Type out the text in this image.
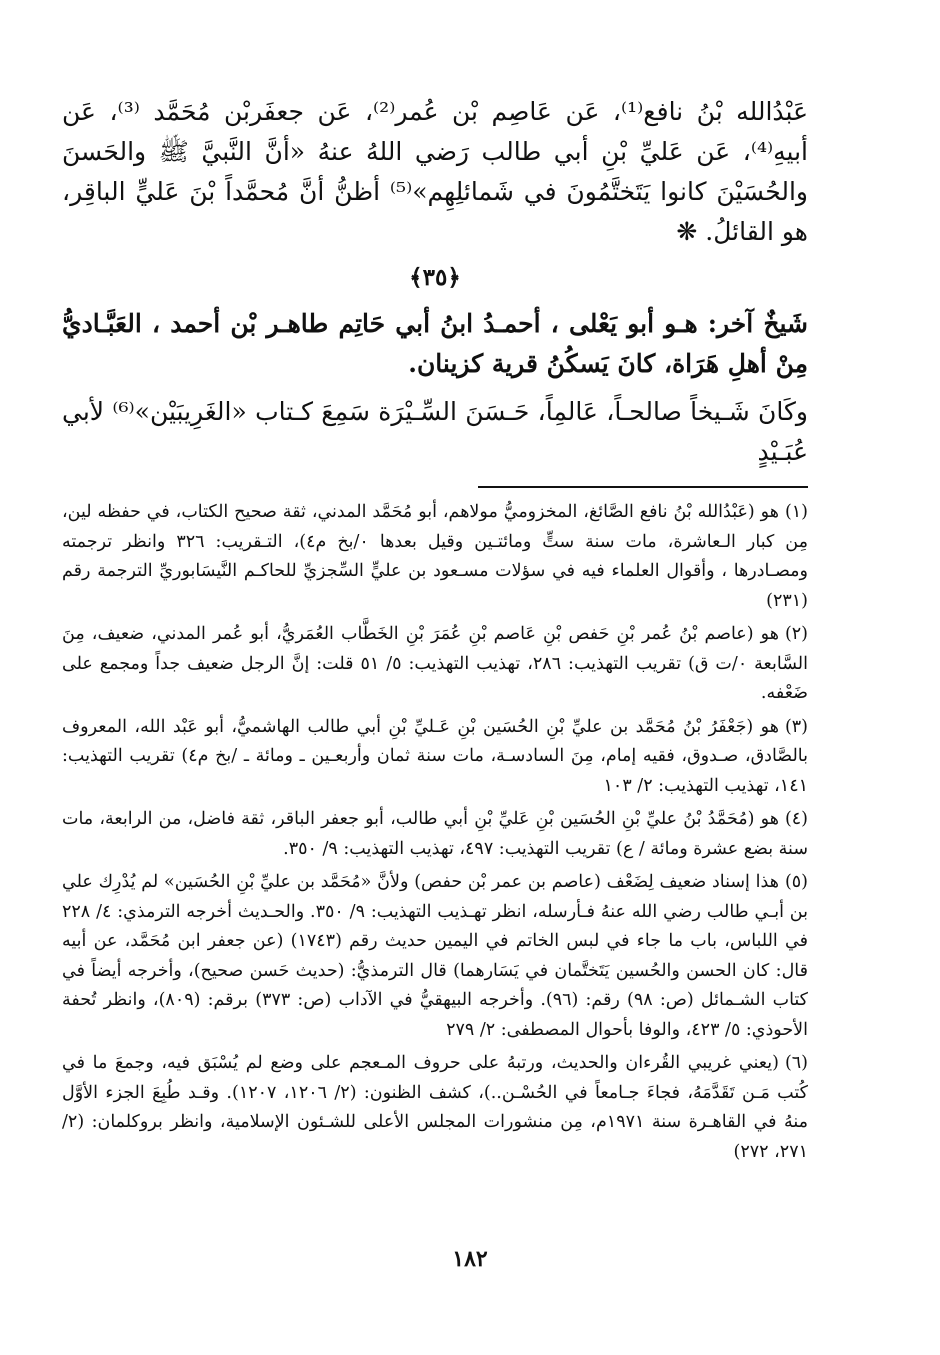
عَبْدُالله بْنُ نافع⁽¹⁾، عَن عَاصِم بْن عُمر⁽²⁾، عَن جعفَربْن مُحَمَّد ⁽³⁾، عَن أبيهِ⁽⁴⁾، عَن عَليِّ بْنِ أبي طالب رَضي اللهُ عنهُ «أنَّ النَّبيَّ ﷺ والحَسنَ والحُسَيْنَ كانوا يَتَختَّمُونَ في شَمائلِهِم»⁽⁵⁾ أظنُّ أنَّ مُحمَّداً بْنَ عَليٍّ الباقِر، هو القائلُ. ❋

﴿٣٥﴾

شَيخٌ آخر: هـو أبو يَعْلى ، أحمـدُ ابنُ أبي حَاتِم طاهـر بْن أحمد ، العَبَّـاديُّ مِنْ أهلِ هَرَاة، كانَ يَسكُنُ قرية كزينان.

وكَانَ شَـيخاً صالحـاً، عَالمِاً، حَـسَنَ السِّـيْرَة سَمِعَ كـتاب «الغَرِيبَيْن»⁽⁶⁾ لأبي عُبَـيْدٍ

(١)هو (عَبْدُالله بْنُ نافع الصَّائغ، المخزوميُّ مولاهم، أبو مُحَمَّد المدني، ثقة صحيح الكتاب، في حفظه لين، مِن كبار الـعاشرة، مات سنة ستٍّ ومائتـين وقيل بعدها ٠/بخ م٤)، التـقريب: ٣٢٦ وانظر ترجمته ومصـادرها ، وأقوال العلماء فيه في سؤلات مسـعود بن عليٍّ السِّجزيِّ للحاكـم النَّيسَابوريِّ الترجمة رقم (٢٣١)

(٢)هو (عاصم بْنُ عُمر بْنِ حَفص بْنِ عَاصم بْنِ عُمَرَ بْنِ الخَطَّاب العُمَريُّ، أبو عُمر المدني، ضعيف، مِنَ السَّابعة ٠/ت ق) تقريب التهذيب: ٢٨٦، تهذيب التهذيب: ٥/ ٥١ قلت: إنَّ الرجل ضعيف جداً ومجمع على ضَعْفه.

(٣)هو (جَعْفَرُ بْنُ مُحَمَّد بن عليِّ بْنِ الحُسَين بْنِ عَـليِّ بْنِ أبي طالب الهاشميُّ، أبو عَبْد الله، المعروف بالصَّادق، صـدوق، فقيه إمام، مِنَ السادسـة، مات سنة ثمان وأربعـين ـ ومائة ـ /بخ م٤) تقريب التهذيب: ١٤١، تهذيب التهذيب: ٢/ ١٠٣

(٤)هو (مُحَمَّدُ بْنُ عليِّ بْنِ الحُسَين بْنِ عَليِّ بْنِ أبي طالب، أبو جعفر الباقر، ثقة فاضل، من الرابعة، مات سنة بضع عشرة ومائة / ع) تقريب التهذيب: ٤٩٧، تهذيب التهذيب: ٩/ ٣٥٠.

(٥)هذا إسناد ضعيف لِضَعْف (عاصم بن عمر بْن حفص) ولأنَّ «مُحَمَّد بن عليِّ بْنِ الحُسَين» لم يُدْرِك علي بن أبـي طالب رضي الله عنهُ فـأرسله، انظر تهـذيب التهذيب: ٩/ ٣٥٠. والحـديث أخرجه الترمذي: ٤/ ٢٢٨ في اللباس، باب ما جاء في لبس الخاتم في اليمين حديث رقم (١٧٤٣) (عن جعفر ابن مُحَمَّد، عن أبيه قال: كان الحسن والحُسين يَتَختَّمان في يَسَارهما) قال الترمذيُّ: (حديث حَسن صحيح)، وأخرجه أيضاً في كتاب الشـمائل (ص: ٩٨) رقم: (٩٦). وأخرجه البيهقيُّ في الآداب (ص: ٣٧٣) برقم: (٨٠٩)، وانظر تُحفة الأحوذي: ٥/ ٤٢٣، والوفا بأحوال المصطفى: ٢/ ٢٧٩

(٦)(يعني غريبي القُرءان والحديث، ورتبهُ على حروف المـعجم على وضع لم يُسْبَق فيه، وجمعَ ما في كُتب مَـن تَقَدَّمَهُ، فجاءَ جـامعاً في الحُسْـن..)، كشف الظنون: (٢/ ١٢٠٦، ١٢٠٧). وقـد طُبِعَ الجزء الأوَّل منهُ في القاهـرة سنة ١٩٧١م، مِن منشورات المجلس الأعلى للشـئون الإسلامية، وانظر بروكلمان: (٢/ ٢٧١، ٢٧٢)

١٨٢
